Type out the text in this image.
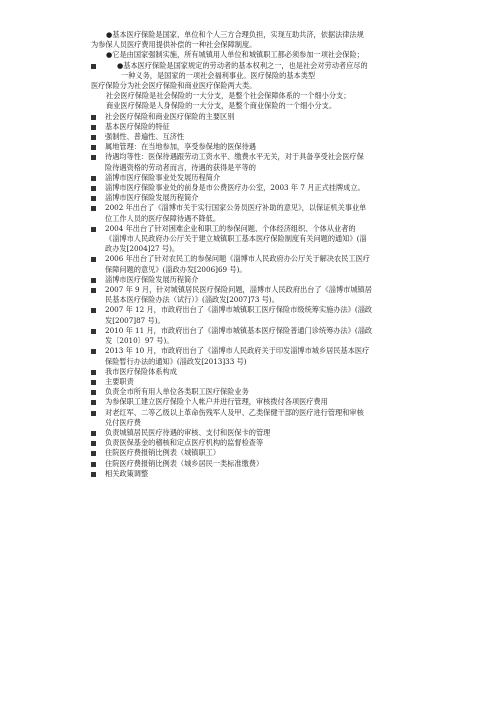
●基本医疗保险是国家、单位和个人三方合理负担，实现互助共济，依据法律法规
为参保人员医疗费用提供补偿的一种社会保障制度。
●它是由国家强制实施，所有城镇用人单位和城镇职工都必须参加一项社会保险；
●基本医疗保险是国家规定的劳动者的基本权利之一，也是社会对劳动者应尽的
一种义务，是国家的一项社会福利事业。医疗保险的基本类型
医疗保险分为社会医疗保险和商业医疗保险两大类。
社会医疗保险是社会保险的一大分支，是整个社会保障体系的一个细小分支；
商业医疗保险是人身保险的一大分支，是整个商业保险的一个细小分支。
社会医疗保险和商业医疗保险的主要区别
基本医疗保险的特征
强制性、普遍性、互济性
属地管理：在当地参加，享受参保地的医保待遇
待遇均等性：医保待遇跟劳动工资水平、缴费水平无关，对于具备享受社会医疗保
险待遇资格的劳动者而言，待遇的获得是平等的
淄博市医疗保险事业处发展历程简介
淄博市医疗保险事业处的前身是市公费医疗办公室，2003 年 7 月正式挂牌成立。
淄博市医疗保险发展历程简介
2002 年出台了《淄博市关于实行国家公务员医疗补助的意见》，以保证机关事业单
位工作人员的医疗保障待遇不降低。
2004 年出台了针对困难企业和职工的参保问题、个体经济组织、个体从业者的
《淄博市人民政府办公厅关于建立城镇职工基本医疗保险制度有关问题的通知》(淄
政办发[2004]27 号)。
2006 年出台了针对农民工的参保问题《淄博市人民政府办公厅关于解决农民工医疗
保障问题的意见》(淄政办发[2006]69 号)。
淄博市医疗保险发展历程简介
2007 年 9 月，针对城镇居民医疗保险问题，淄博市人民政府出台了《淄博市城镇居
民基本医疗保险办法（试行）》(淄政发[2007]73 号)。
2007 年 12 月，市政府出台了《淄博市城镇职工医疗保险市级统筹实施办法》(淄政
发[2007]87 号)。
2010 年 11 月，市政府出台了《淄博市城镇基本医疗保险普通门诊统筹办法》(淄政
发〔2010〕97 号)。
2013 年 10 月，市政府出台了《淄博市人民政府关于印发淄博市城乡居民基本医疗
保险暂行办法的通知》(淄政发[2013]33 号)
我市医疗保险体系构成
主要职责
负责全市所有用人单位各类职工医疗保险业务
为参保职工建立医疗保险个人帐户并进行管理，审核拨付各项医疗费用
对老红军、二等乙级以上革命伤残军人及甲、乙类保健干部的医疗进行管理和审核
兑付医疗费
负责城镇居民医疗待遇的审核、支付和医保卡的管理
负责医保基金的稽核和定点医疗机构的监督检查等
住院医疗费报销比例表（城镇职工）
住院医疗费报销比例表（城乡居民一类标准缴费）
相关政策调整
